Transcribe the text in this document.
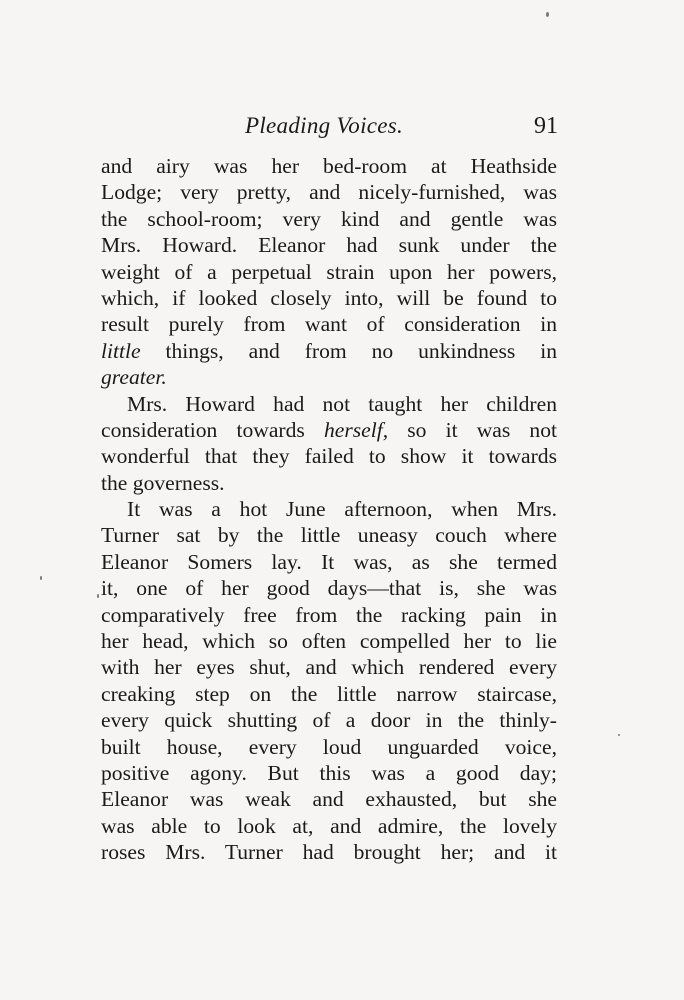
Pleading Voices.	91
and airy was her bed-room at Heathside
Lodge; very pretty, and nicely-furnished, was
the school-room; very kind and gentle was
Mrs. Howard. Eleanor had sunk under the
weight of a perpetual strain upon her powers,
which, if looked closely into, will be found to
result purely from want of consideration in
little things, and from no unkindness in
greater.
Mrs. Howard had not taught her children
consideration towards herself, so it was not
wonderful that they failed to show it towards
the governess.
It was a hot June afternoon, when Mrs.
Turner sat by the little uneasy couch where
Eleanor Somers lay. It was, as she termed
it, one of her good days—that is, she was
comparatively free from the racking pain in
her head, which so often compelled her to lie
with her eyes shut, and which rendered every
creaking step on the little narrow staircase,
every quick shutting of a door in the thinly-
built house, every loud unguarded voice,
positive agony. But this was a good day;
Eleanor was weak and exhausted, but she
was able to look at, and admire, the lovely
roses Mrs. Turner had brought her; and it
